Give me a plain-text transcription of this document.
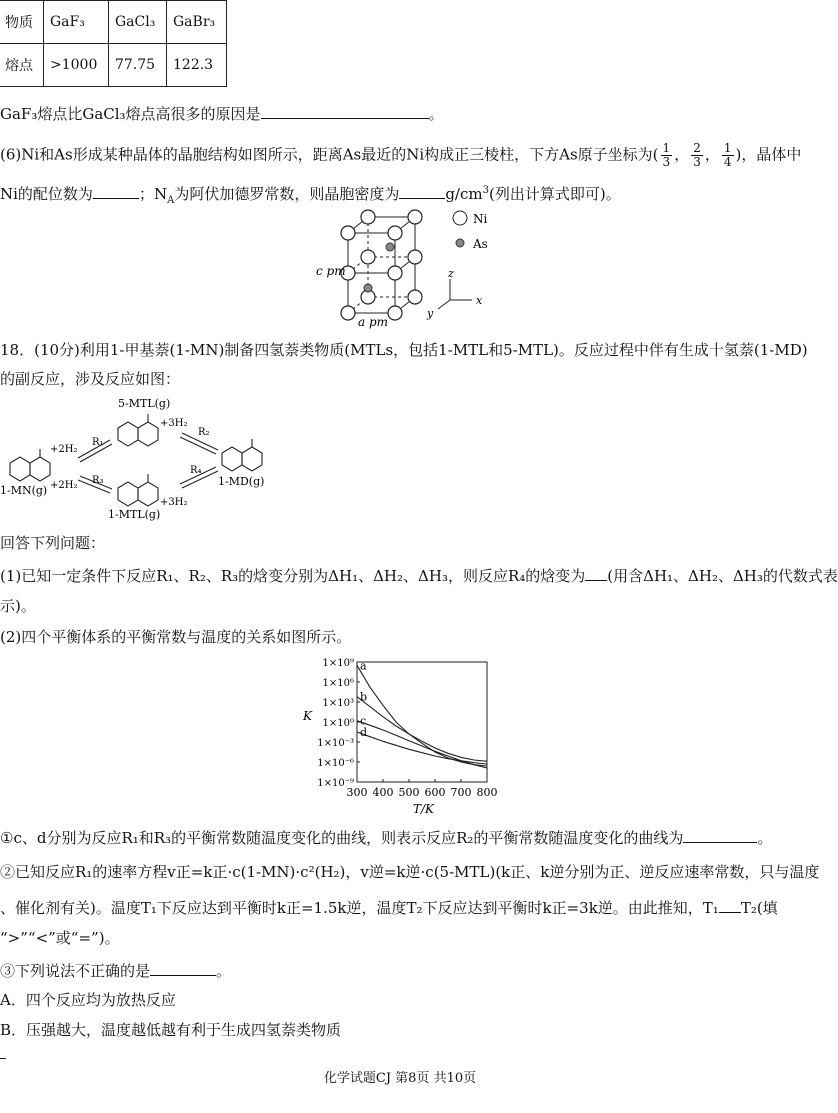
物质	GaF₃	GaCl₃	GaBr₃
熔点	>1000	77.75	122.3
GaF₃熔点比GaCl₃熔点高很多的原因是	。
(6)Ni和As形成某种晶体的晶胞结构如图所示，距离As最近的Ni构成正三棱柱，下方As原子坐标为( $\frac{1}{3}$ ， $\frac{2}{3}$ ， $\frac{1}{4}$ )，晶体中
Ni的配位数为	；$N_A$为阿伏加德罗常数，则晶胞密度为	$g/cm^3$(列出计算式即可)。
Ni
As
c pm
a pm
z
x
y
18．(10分)利用1-甲基萘(1-MN)制备四氢萘类物质(MTLs，包括1-MTL和5-MTL)。反应过程中伴有生成十氢萘(1-MD)
的副反应，涉及反应如图：
5-MTL(g)
1-MTL(g)
1-MN(g)
1-MD(g)
+2H₂
+2H₂
+3H₂
+3H₂
R₁
R₃
R₂
R₄
回答下列问题：
(1)已知一定条件下反应R₁、R₂、R₃的焓变分别为ΔH₁、ΔH₂、ΔH₃，则反应R₄的焓变为 (用含ΔH₁、ΔH₂、ΔH₃的代数式表
示)。
(2)四个平衡体系的平衡常数与温度的关系如图所示。
1×10⁹
1×10⁶
1×10³
1×10⁰
1×10⁻³
1×10⁻⁶
1×10⁻⁹
300 400 500 600 700 800
a
b
c
d
K
T/K
①c、d分别为反应R₁和R₃的平衡常数随温度变化的曲线，则表示反应R₂的平衡常数随温度变化的曲线为	。
②已知反应R₁的速率方程v正=k正·c(1-MN)·c²(H₂)，v逆=k逆·c(5-MTL)(k正、k逆分别为正、逆反应速率常数，只与温度
、催化剂有关)。温度T₁下反应达到平衡时k正=1.5k逆，温度T₂下反应达到平衡时k正=3k逆。由此推知，T₁ T₂(填
“>”“<”或“=”)。
③下列说法不正确的是	。
A．四个反应均为放热反应
B．压强越大，温度越低越有利于生成四氢萘类物质
化学试题CJ 第8页 共10页
